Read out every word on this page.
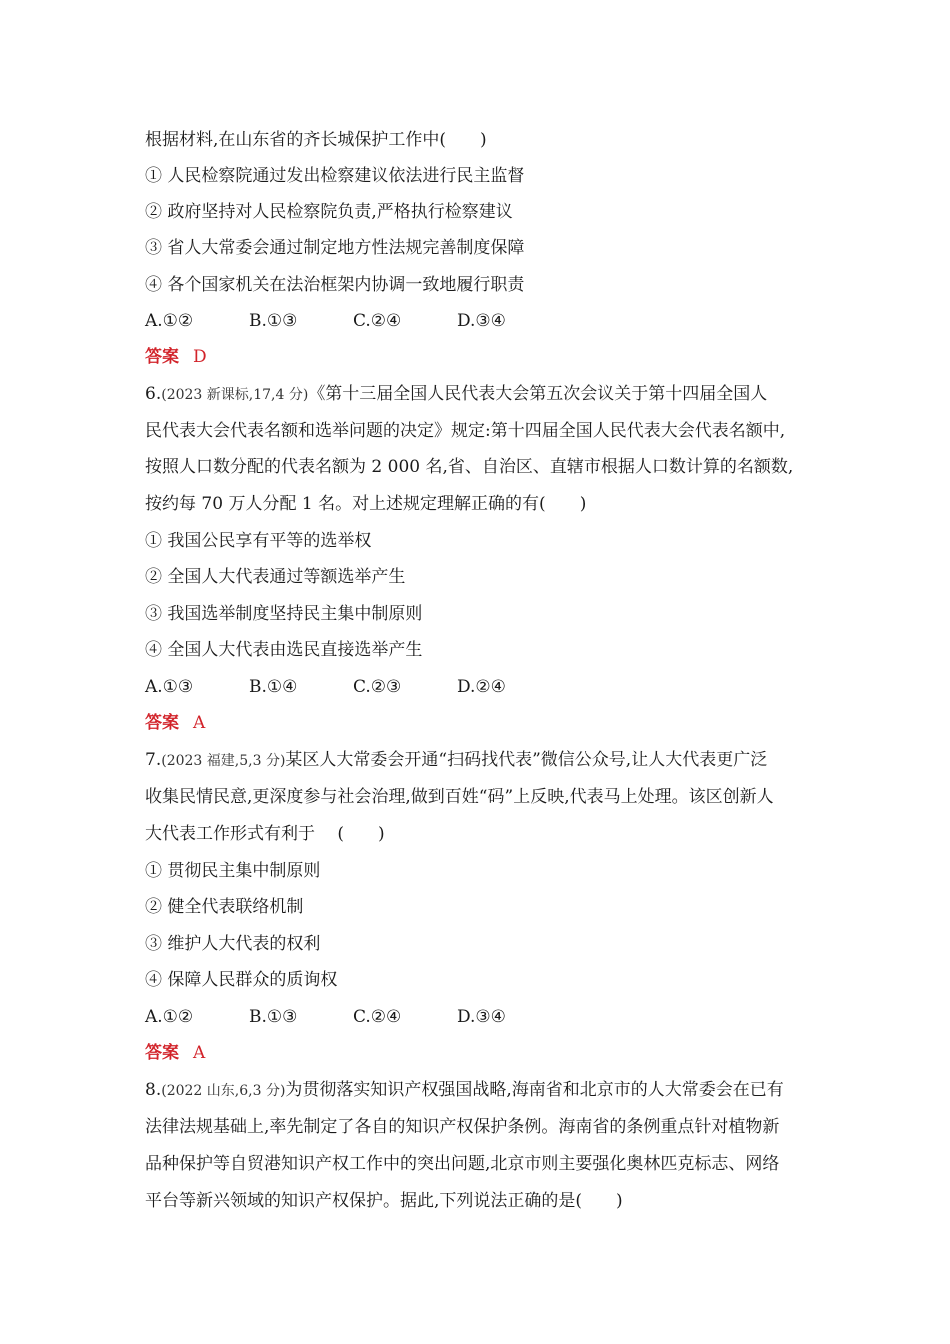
根据材料,在山东省的齐长城保护工作中(　　)
① 人民检察院通过发出检察建议依法进行民主监督
② 政府坚持对人民检察院负责,严格执行检察建议
③ 省人大常委会通过制定地方性法规完善制度保障
④ 各个国家机关在法治框架内协调一致地履行职责
A.①②	B.①③	C.②④	D.③④
答案 D
6.(2023 新课标,17,4 分)《第十三届全国人民代表大会第五次会议关于第十四届全国人
民代表大会代表名额和选举问题的决定》规定:第十四届全国人民代表大会代表名额中,
按照人口数分配的代表名额为 2 000 名,省、自治区、直辖市根据人口数计算的名额数,
按约每 70 万人分配 1 名。对上述规定理解正确的有(　　)
① 我国公民享有平等的选举权
② 全国人大代表通过等额选举产生
③ 我国选举制度坚持民主集中制原则
④ 全国人大代表由选民直接选举产生
A.①③	B.①④	C.②③	D.②④
答案 A
7.(2023 福建,5,3 分)某区人大常委会开通“扫码找代表”微信公众号,让人大代表更广泛
收集民情民意,更深度参与社会治理,做到百姓“码”上反映,代表马上处理。该区创新人
大代表工作形式有利于　 (　　)
① 贯彻民主集中制原则
② 健全代表联络机制
③ 维护人大代表的权利
④ 保障人民群众的质询权
A.①②	B.①③	C.②④	D.③④
答案 A
8.(2022 山东,6,3 分)为贯彻落实知识产权强国战略,海南省和北京市的人大常委会在已有
法律法规基础上,率先制定了各自的知识产权保护条例。海南省的条例重点针对植物新
品种保护等自贸港知识产权工作中的突出问题,北京市则主要强化奥林匹克标志、网络
平台等新兴领域的知识产权保护。据此,下列说法正确的是(　　)
